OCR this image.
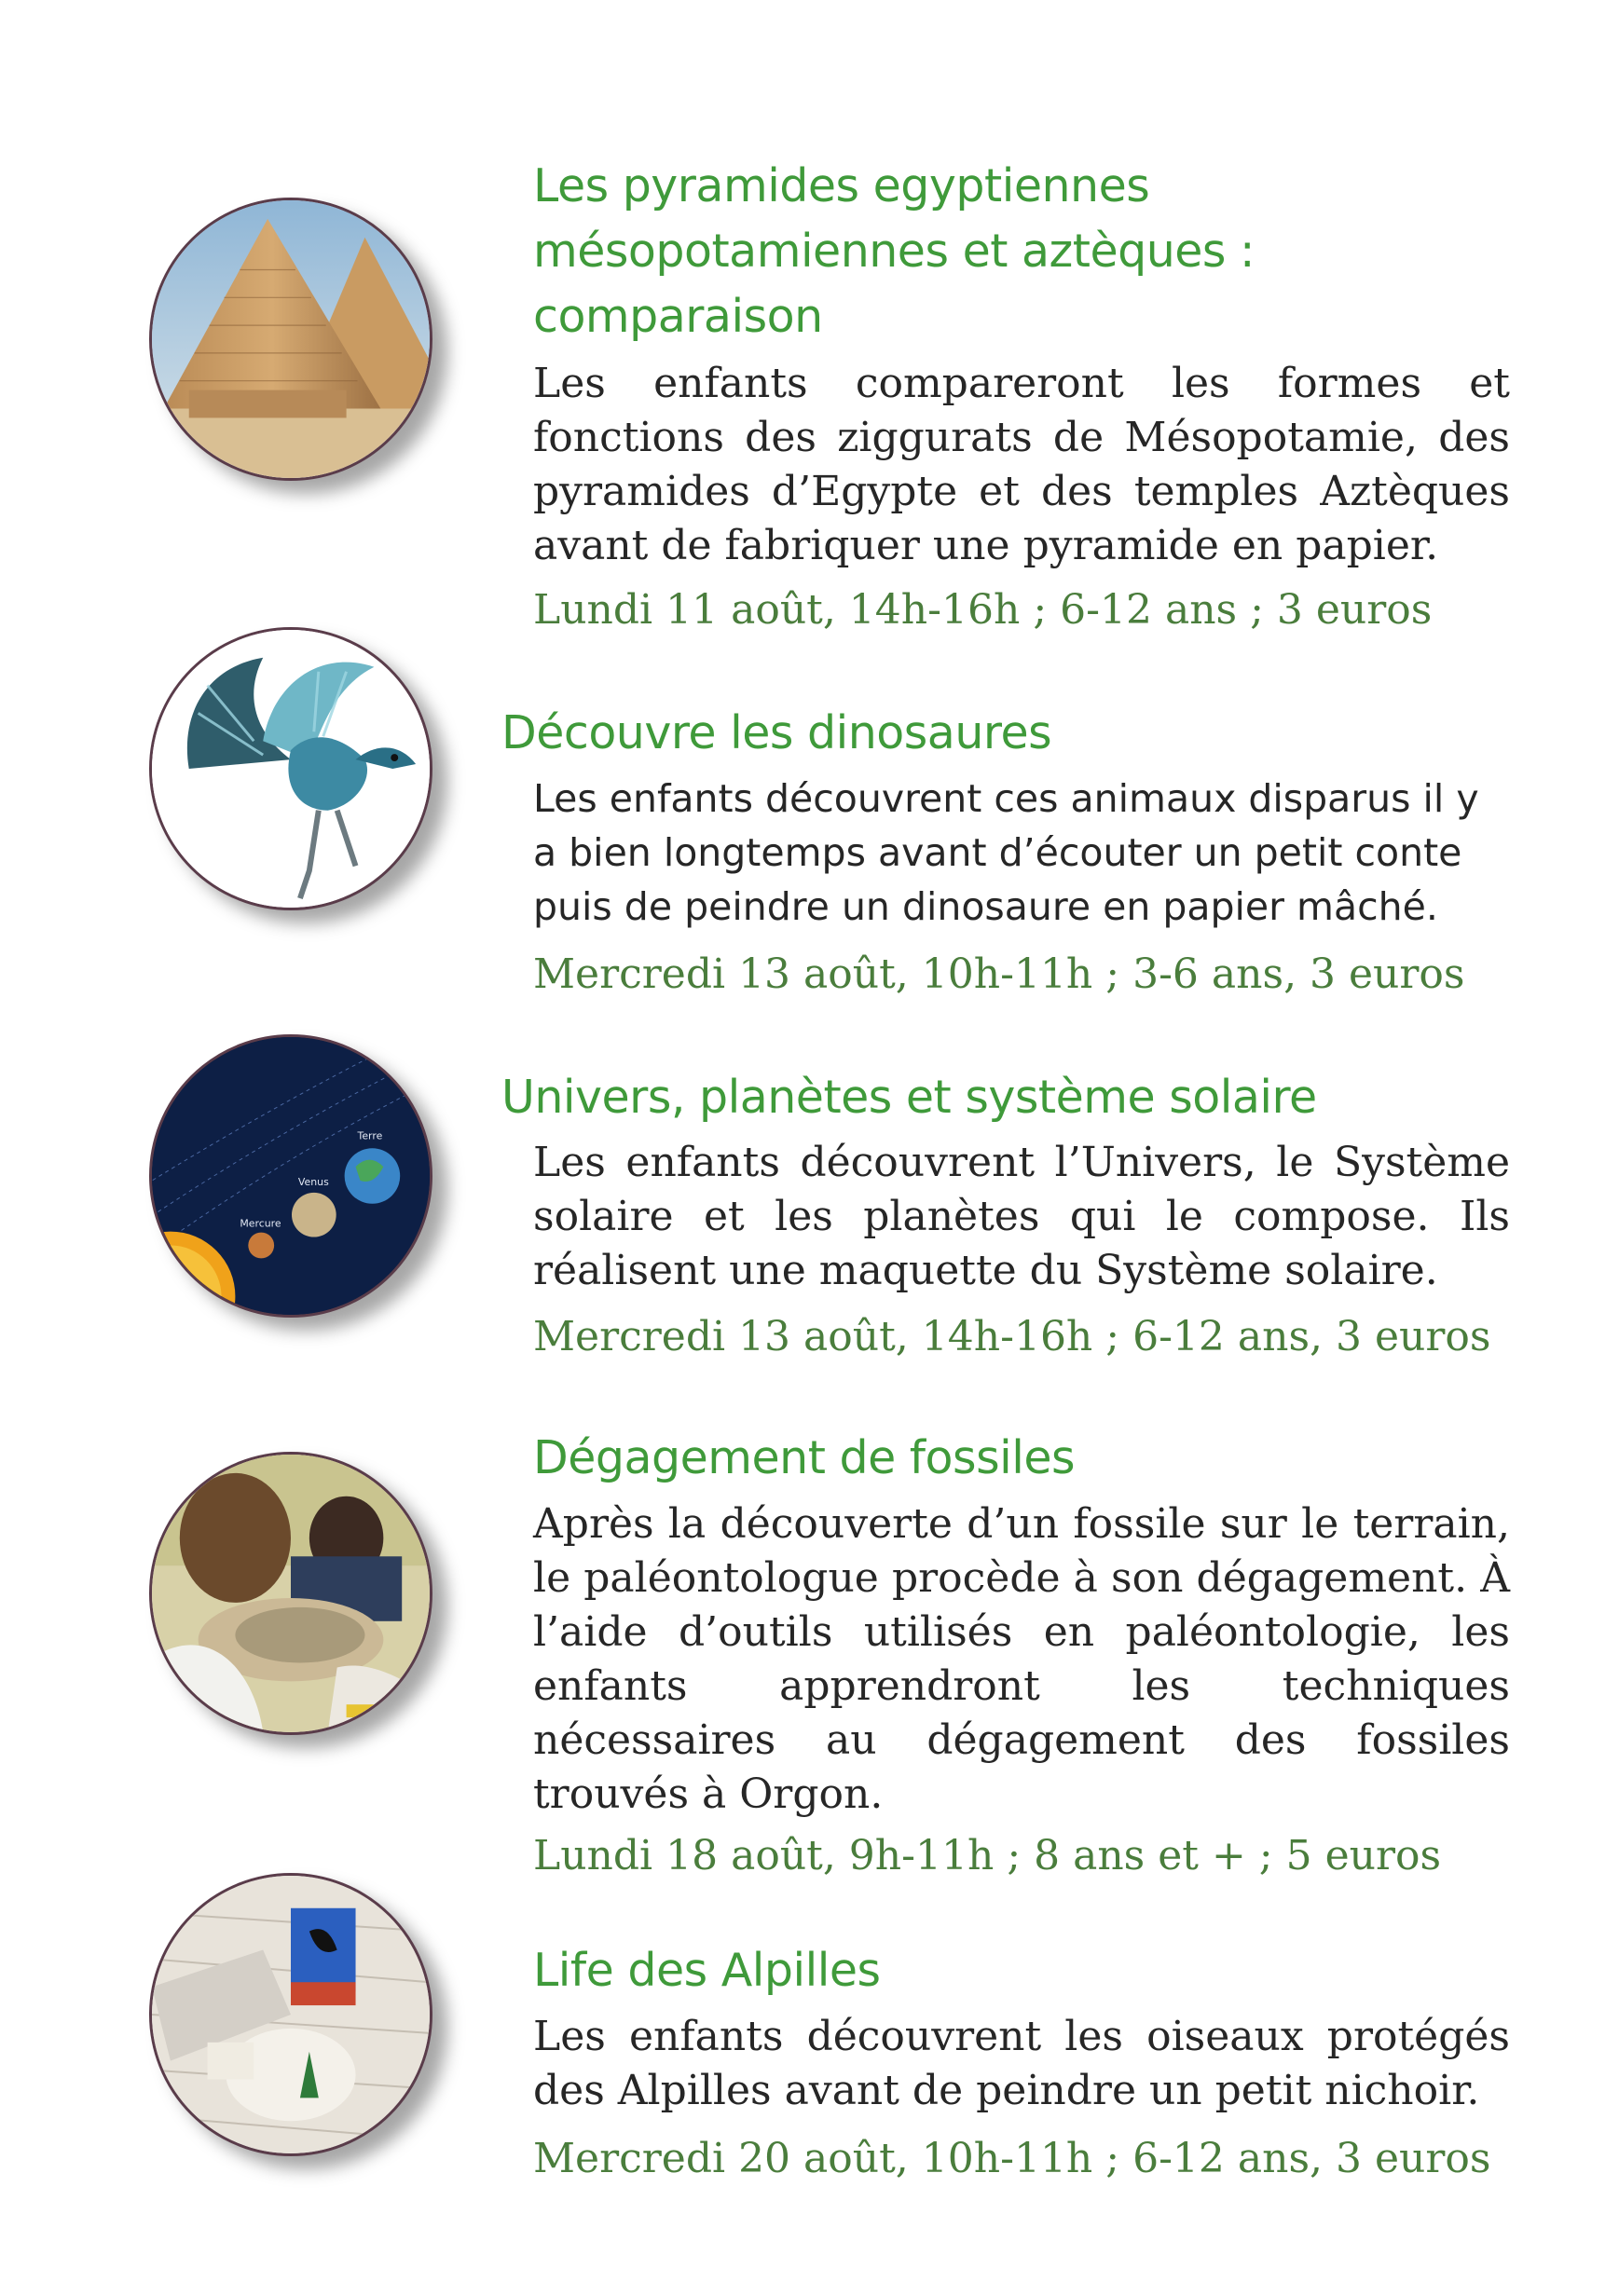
Les pyramides egyptiennes
mésopotamiennes et aztèques :
comparaison

Les enfants compareront les formes et fonctions des ziggurats de Mésopotamie, des pyramides d’Egypte et des temples Aztèques avant de fabriquer une pyramide en papier.

Lundi 11 août, 14h-16h ; 6-12 ans ; 3 euros

Découvre les dinosaures

Les enfants découvrent ces animaux disparus il y a bien longtemps avant d’écouter un petit conte puis de peindre un dinosaure en papier mâché.

Mercredi 13 août, 10h-11h ; 3-6 ans, 3 euros

Mercure
Venus
Terre
Univers, planètes et système solaire

Les enfants découvrent l’Univers, le Système solaire et les planètes qui le compose. Ils réalisent une maquette du Système solaire.

Mercredi 13 août, 14h-16h ; 6-12 ans, 3 euros

Dégagement de fossiles

Après la découverte d’un fossile sur le terrain, le paléontologue procède à son dégagement. À l’aide d’outils utilisés en paléontologie, les enfants apprendront les techniques nécessaires au dégagement des fossiles trouvés à Orgon.

Lundi 18 août, 9h-11h ; 8 ans et + ; 5 euros

Life des Alpilles

Les enfants découvrent les oiseaux protégés des Alpilles avant de peindre un petit nichoir.

Mercredi 20 août, 10h-11h ; 6-12 ans, 3 euros
